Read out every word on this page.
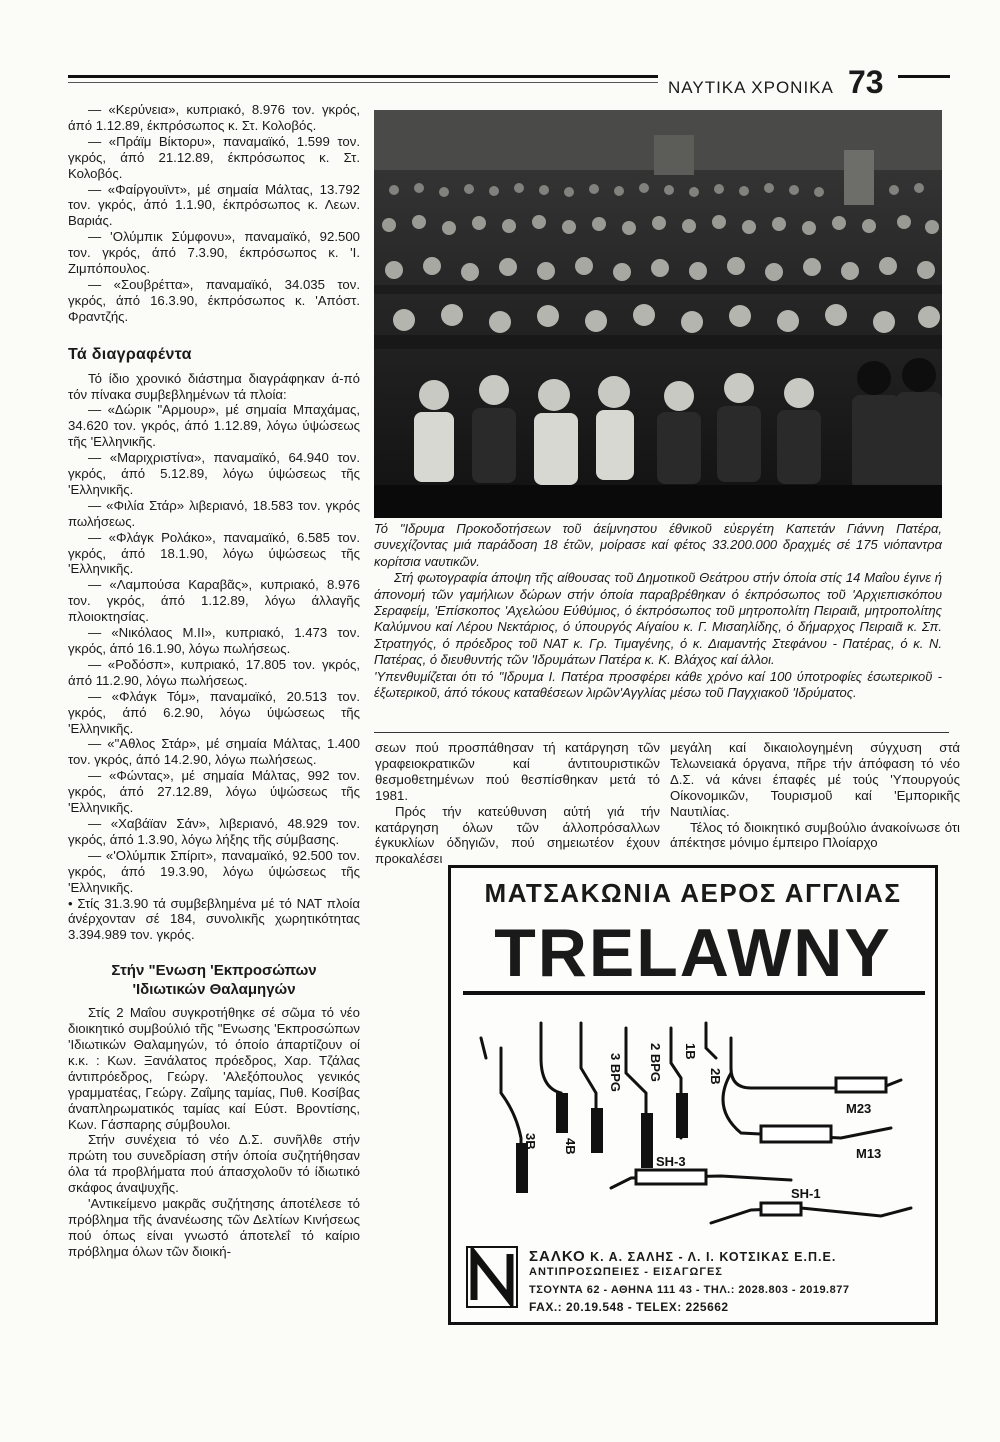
ΝΑΥΤΙΚΑ ΧΡΟΝΙΚΑ 73

— «Κερύνεια», κυπριακό, 8.976 τον. γκρός, άπό 1.12.89, έκπρόσωπος κ. Στ. Κολοβός.

— «Πράϊμ Βίκτορυ», παναμαϊκό, 1.599 τον. γκρός, άπό 21.12.89, έκπρόσωπος κ. Στ. Κολοβός.

— «Φαίργουϊντ», μέ σημαία Μάλτας, 13.792 τον. γκρός, άπό 1.1.90, έκπρόσωπος κ. Λεων. Βαριάς.

— 'Ολύμπικ Σύμφονυ», παναμαϊκό, 92.500 τον. γκρός, άπό 7.3.90, έκπρόσωπος κ. 'Ι. Ζιμπόπουλος.

— «Σουβρέττα», παναμαϊκό, 34.035 τον. γκρός, άπό 16.3.90, έκπρόσωπος κ. 'Απόστ. Φραντζής.

Τά διαγραφέντα

Τό ίδιο χρονικό διάστημα διαγράφηκαν ά-πό τόν πίνακα συμβεβλημένων τά πλοία:

— «Δώρικ "Αρμουρ», μέ σημαία Μπαχάμας, 34.620 τον. γκρός, άπό 1.12.89, λόγω ύψώσεως τῆς 'Ελληνικῆς.

— «Μαριχριστίνα», παναμαϊκό, 64.940 τον. γκρός, άπό 5.12.89, λόγω ύψώσεως τῆς 'Ελληνικῆς.

— «Φιλία Στάρ» λιβεριανό, 18.583 τον. γκρός πωλήσεως.

— «Φλάγκ Ρολάκο», παναμαϊκό, 6.585 τον. γκρός, άπό 18.1.90, λόγω ύψώσεως τῆς 'Ελληνικῆς.

— «Λαμπούσα Καραβᾶς», κυπριακό, 8.976 τον. γκρός, άπό 1.12.89, λόγω άλλαγῆς πλοιοκτησίας.

— «Νικόλαος Μ.ΙΙ», κυπριακό, 1.473 τον. γκρός, άπό 16.1.90, λόγω πωλήσεως.

— «Ροδόσπ», κυπριακό, 17.805 τον. γκρός, άπό 11.2.90, λόγω πωλήσεως.

— «Φλάγκ Τόμ», παναμαϊκό, 20.513 τον. γκρός, άπό 6.2.90, λόγω ύψώσεως τῆς 'Ελληνικῆς.

— «"Αθλος Στάρ», μέ σημαία Μάλτας, 1.400 τον. γκρός, άπό 14.2.90, λόγω πωλήσεως.

— «Φώντας», μέ σημαία Μάλτας, 992 τον. γκρός, άπό 27.12.89, λόγω ύψώσεως τῆς 'Ελληνικῆς.

— «Χαβάϊαν Σάν», λιβεριανό, 48.929 τον. γκρός, άπό 1.3.90, λόγω λήξης τῆς σύμβασης.

— «'Ολύμπικ Σπίριτ», παναμαϊκό, 92.500 τον. γκρός, άπό 19.3.90, λόγω ύψώσεως τῆς 'Ελληνικῆς.

• Στίς 31.3.90 τά συμβεβλημένα μέ τό ΝΑΤ πλοία άνέρχονταν σέ 184, συνολικῆς χωρητικότητας 3.394.989 τον. γκρός.

Στήν "Ενωση 'Εκπροσώπων
'Ιδιωτικών Θαλαμηγών

Στίς 2 Μαΐου συγκροτήθηκε σέ σῶμα τό νέο διοικητικό συμβούλιό τῆς "Ενωσης 'Εκπροσώπων 'Ιδιωτικών Θαλαμηγών, τό όποίο άπαρτίζουν οί κ.κ. : Κων. Ξανάλατος πρόεδρος, Χαρ. Τζάλας άντιπρόεδρος, Γεώργ. 'Αλεξόπουλος γενικός γραμματέας, Γεώργ. Ζαΐμης ταμίας, Πυθ. Κοσίβας άναπληρωματικός ταμίας καί Εύστ. Βροντίσης, Κων. Γάσπαρης σύμβουλοι.

Στήν συνέχεια τό νέο Δ.Σ. συνῆλθε στήν πρώτη του συνεδρίαση στήν όποία συζητήθησαν όλα τά προβλήματα πού άπασχολοῦν τό ίδιωτικό σκάφος άναψυχῆς.

'Αντικείμενο μακρᾶς συζήτησης άποτέλεσε τό πρόβλημα τῆς άνανέωσης τῶν Δελτίων Κινήσεως πού όπως είναι γνωστό άποτελεΐ τό καίριο πρόβλημα όλων τῶν διοική-

Τό "Ιδρυμα Προκοδοτήσεων τοῦ άείμνηστου έθνικοῦ εὐεργέτη Καπετάν Γιάννη Πατέρα, συνεχίζοντας μιά παράδοση 18 έτῶν, μοίρασε καί φέτος 33.200.000 δραχμές σέ 175 νιόπαντρα κορίτσια ναυτικῶν.

Στή φωτογραφία άποψη τῆς αίθουσας τοῦ Δημοτικοῦ Θεάτρου στήν όποία στίς 14 Μαΐου έγινε ή άπονομή τῶν γαμήλιων δώρων στήν όποία παραβρέθηκαν ό έκπρόσωπος τοῦ 'Αρχιεπισκόπου Σεραφείμ, 'Επίσκοπος 'Αχελώου Εύθύμιος, ό έκπρόσωπος τοῦ μητροπολίτη Πειραιᾶ, μητροπολίτης Καλύμνου καί Λέρου Νεκτάριος, ό ύπουργός Αίγαίου κ. Γ. Μισαηλίδης, ό δήμαρχος Πειραιᾶ κ. Σπ. Στρατηγός, ό πρόεδρος τοῦ ΝΑΤ κ. Γρ. Τιμαγένης, ό κ. Διαμαντής Στεφάνου - Πατέρας, ό κ. Ν. Πατέρας, ό διευθυντής τῶν 'Ιδρυμάτων Πατέρα κ. Κ. Βλάχος καί άλλοι.

'Υπενθυμίζεται ότι τό "Ιδρυμα Ι. Πατέρα προσφέρει κάθε χρόνο καί 100 ύποτροφίες έσωτερικοῦ - έξωτερικοῦ, άπό τόκους καταθέσεων λιρῶν'Αγγλίας μέσω τοῦ Παγχιακοῦ 'Ιδρύματος.

σεων πού προσπάθησαν τή κατάργηση τῶν γραφειοκρατικῶν καί άντιτουριστικῶν θεσμοθετημένων πού θεσπίσθηκαν μετά τό 1981.

Πρός τήν κατεύθυνση αύτή γιά τήν κατάργηση όλων τῶν άλλοπρόσαλλων έγκυκλίων όδηγιῶν, πού σημειωτέον έχουν προκαλέσει

μεγάλη καί δικαιολογημένη σύγχυση στά Τελωνειακά όργανα, πῆρε τήν άπόφαση τό νέο Δ.Σ. νά κάνει έπαφές μέ τούς 'Υπουργούς Οίκονομικῶν, Τουρισμοῦ καί 'Εμπορικῆς Ναυτιλίας.

Τέλος τό διοικητικό συμβούλιο άνακοίνωσε ότι άπέκτησε μόνιμο έμπειρο Πλοίαρχο

ΜΑΤΣΑΚΩΝΙΑ ΑΕΡΟΣ ΑΓΓΛΙΑΣ
TRELAWNY
M23
M13
SH-3
SH-1
2B
1B
2 BPG
3 BPG
4B
3B
ΣΑΛΚΟ Κ. Α. ΣΑΛΗΣ - Λ. Ι. ΚΟΤΣΙΚΑΣ Ε.Π.Ε.
ΑΝΤΙΠΡΟΣΩΠΕΙΕΣ - ΕΙΣΑΓΩΓΕΣ
ΤΣΟΥΝΤΑ 62 - ΑΘΗΝΑ 111 43 - ΤΗΛ.: 2028.803 - 2019.877
FAX.: 20.19.548 - TELEX: 225662
